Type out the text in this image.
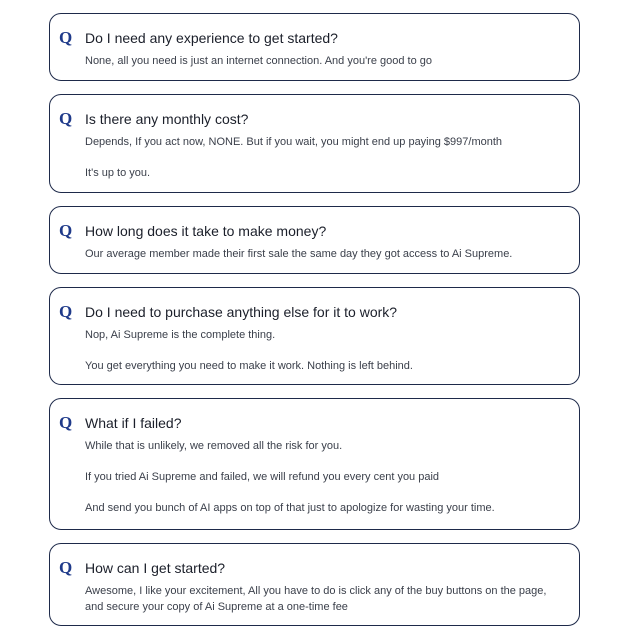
Q Do I need any experience to get started?

None, all you need is just an internet connection. And you're good to go

Q Is there any monthly cost?

Depends, If you act now, NONE. But if you wait, you might end up paying $997/month

It's up to you.

Q How long does it take to make money?

Our average member made their first sale the same day they got access to Ai Supreme.

Q Do I need to purchase anything else for it to work?

Nop, Ai Supreme is the complete thing.

You get everything you need to make it work. Nothing is left behind.

Q What if I failed?

While that is unlikely, we removed all the risk for you.

If you tried Ai Supreme and failed, we will refund you every cent you paid

And send you bunch of AI apps on top of that just to apologize for wasting your time.

Q How can I get started?

Awesome, I like your excitement, All you have to do is click any of the buy buttons on the page, and secure your copy of Ai Supreme at a one-time fee
